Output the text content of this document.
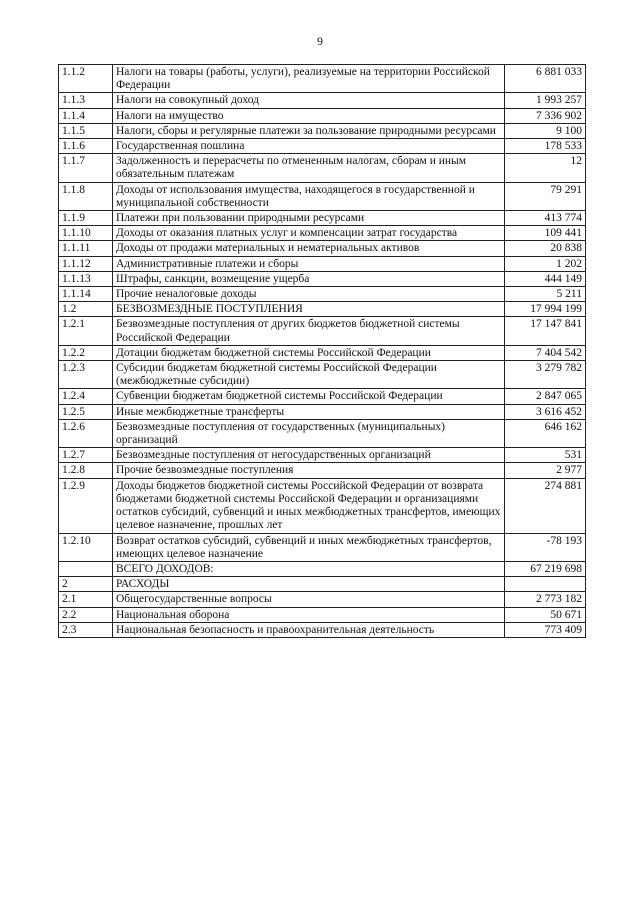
9
1.1.2	Налоги на товары (работы, услуги), реализуемые на территории Российской Федерации	6 881 033
1.1.3	Налоги на совокупный доход	1 993 257
1.1.4	Налоги на имущество	7 336 902
1.1.5	Налоги, сборы и регулярные платежи за пользование природными ресурсами	9 100
1.1.6	Государственная пошлина	178 533
1.1.7	Задолженность и перерасчеты по отмененным налогам, сборам и иным обязательным платежам	12
1.1.8	Доходы от использования имущества, находящегося в государственной и муниципальной собственности	79 291
1.1.9	Платежи при пользовании природными ресурсами	413 774
1.1.10	Доходы от оказания платных услуг и компенсации затрат государства	109 441
1.1.11	Доходы от продажи материальных и нематериальных активов	20 838
1.1.12	Административные платежи и сборы	1 202
1.1.13	Штрафы, санкции, возмещение ущерба	444 149
1.1.14	Прочие неналоговые доходы	5 211
1.2	БЕЗВОЗМЕЗДНЫЕ ПОСТУПЛЕНИЯ	17 994 199
1.2.1	Безвозмездные поступления от других бюджетов бюджетной системы Российской Федерации	17 147 841
1.2.2	Дотации бюджетам бюджетной системы Российской Федерации	7 404 542
1.2.3	Субсидии бюджетам бюджетной системы Российской Федерации (межбюджетные субсидии)	3 279 782
1.2.4	Субвенции бюджетам бюджетной системы Российской Федерации	2 847 065
1.2.5	Иные межбюджетные трансферты	3 616 452
1.2.6	Безвозмездные поступления от государственных (муниципальных) организаций	646 162
1.2.7	Безвозмездные поступления от негосударственных организаций	531
1.2.8	Прочие безвозмездные поступления	2 977
1.2.9	Доходы бюджетов бюджетной системы Российской Федерации от возврата бюджетами бюджетной системы Российской Федерации и организациями остатков субсидий, субвенций и иных межбюджетных трансфертов, имеющих целевое назначение, прошлых лет	274 881
1.2.10	Возврат остатков субсидий, субвенций и иных межбюджетных трансфертов, имеющих целевое назначение	-78 193
	ВСЕГО ДОХОДОВ:	67 219 698
2	РАСХОДЫ	
2.1	Общегосударственные вопросы	2 773 182
2.2	Национальная оборона	50 671
2.3	Национальная безопасность и правоохранительная деятельность	773 409
